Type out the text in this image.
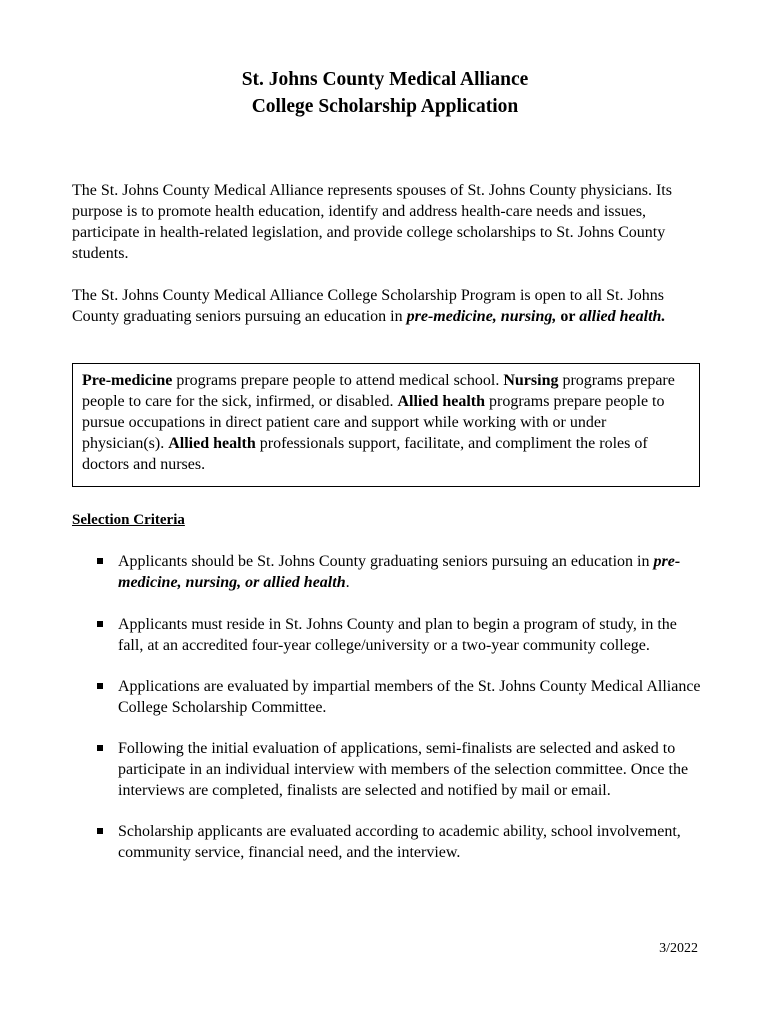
St. Johns County Medical Alliance
College Scholarship Application
The St. Johns County Medical Alliance represents spouses of St. Johns County physicians. Its purpose is to promote health education, identify and address health-care needs and issues, participate in health-related legislation, and provide college scholarships to St. Johns County students.
The St. Johns County Medical Alliance College Scholarship Program is open to all St. Johns County graduating seniors pursuing an education in pre-medicine, nursing, or allied health.
Pre-medicine programs prepare people to attend medical school. Nursing programs prepare people to care for the sick, infirmed, or disabled. Allied health programs prepare people to pursue occupations in direct patient care and support while working with or under physician(s). Allied health professionals support, facilitate, and compliment the roles of doctors and nurses.
Selection Criteria
Applicants should be St. Johns County graduating seniors pursuing an education in pre-medicine, nursing, or allied health.
Applicants must reside in St. Johns County and plan to begin a program of study, in the fall, at an accredited four-year college/university or a two-year community college.
Applications are evaluated by impartial members of the St. Johns County Medical Alliance College Scholarship Committee.
Following the initial evaluation of applications, semi-finalists are selected and asked to participate in an individual interview with members of the selection committee. Once the interviews are completed, finalists are selected and notified by mail or email.
Scholarship applicants are evaluated according to academic ability, school involvement, community service, financial need, and the interview.
3/2022
